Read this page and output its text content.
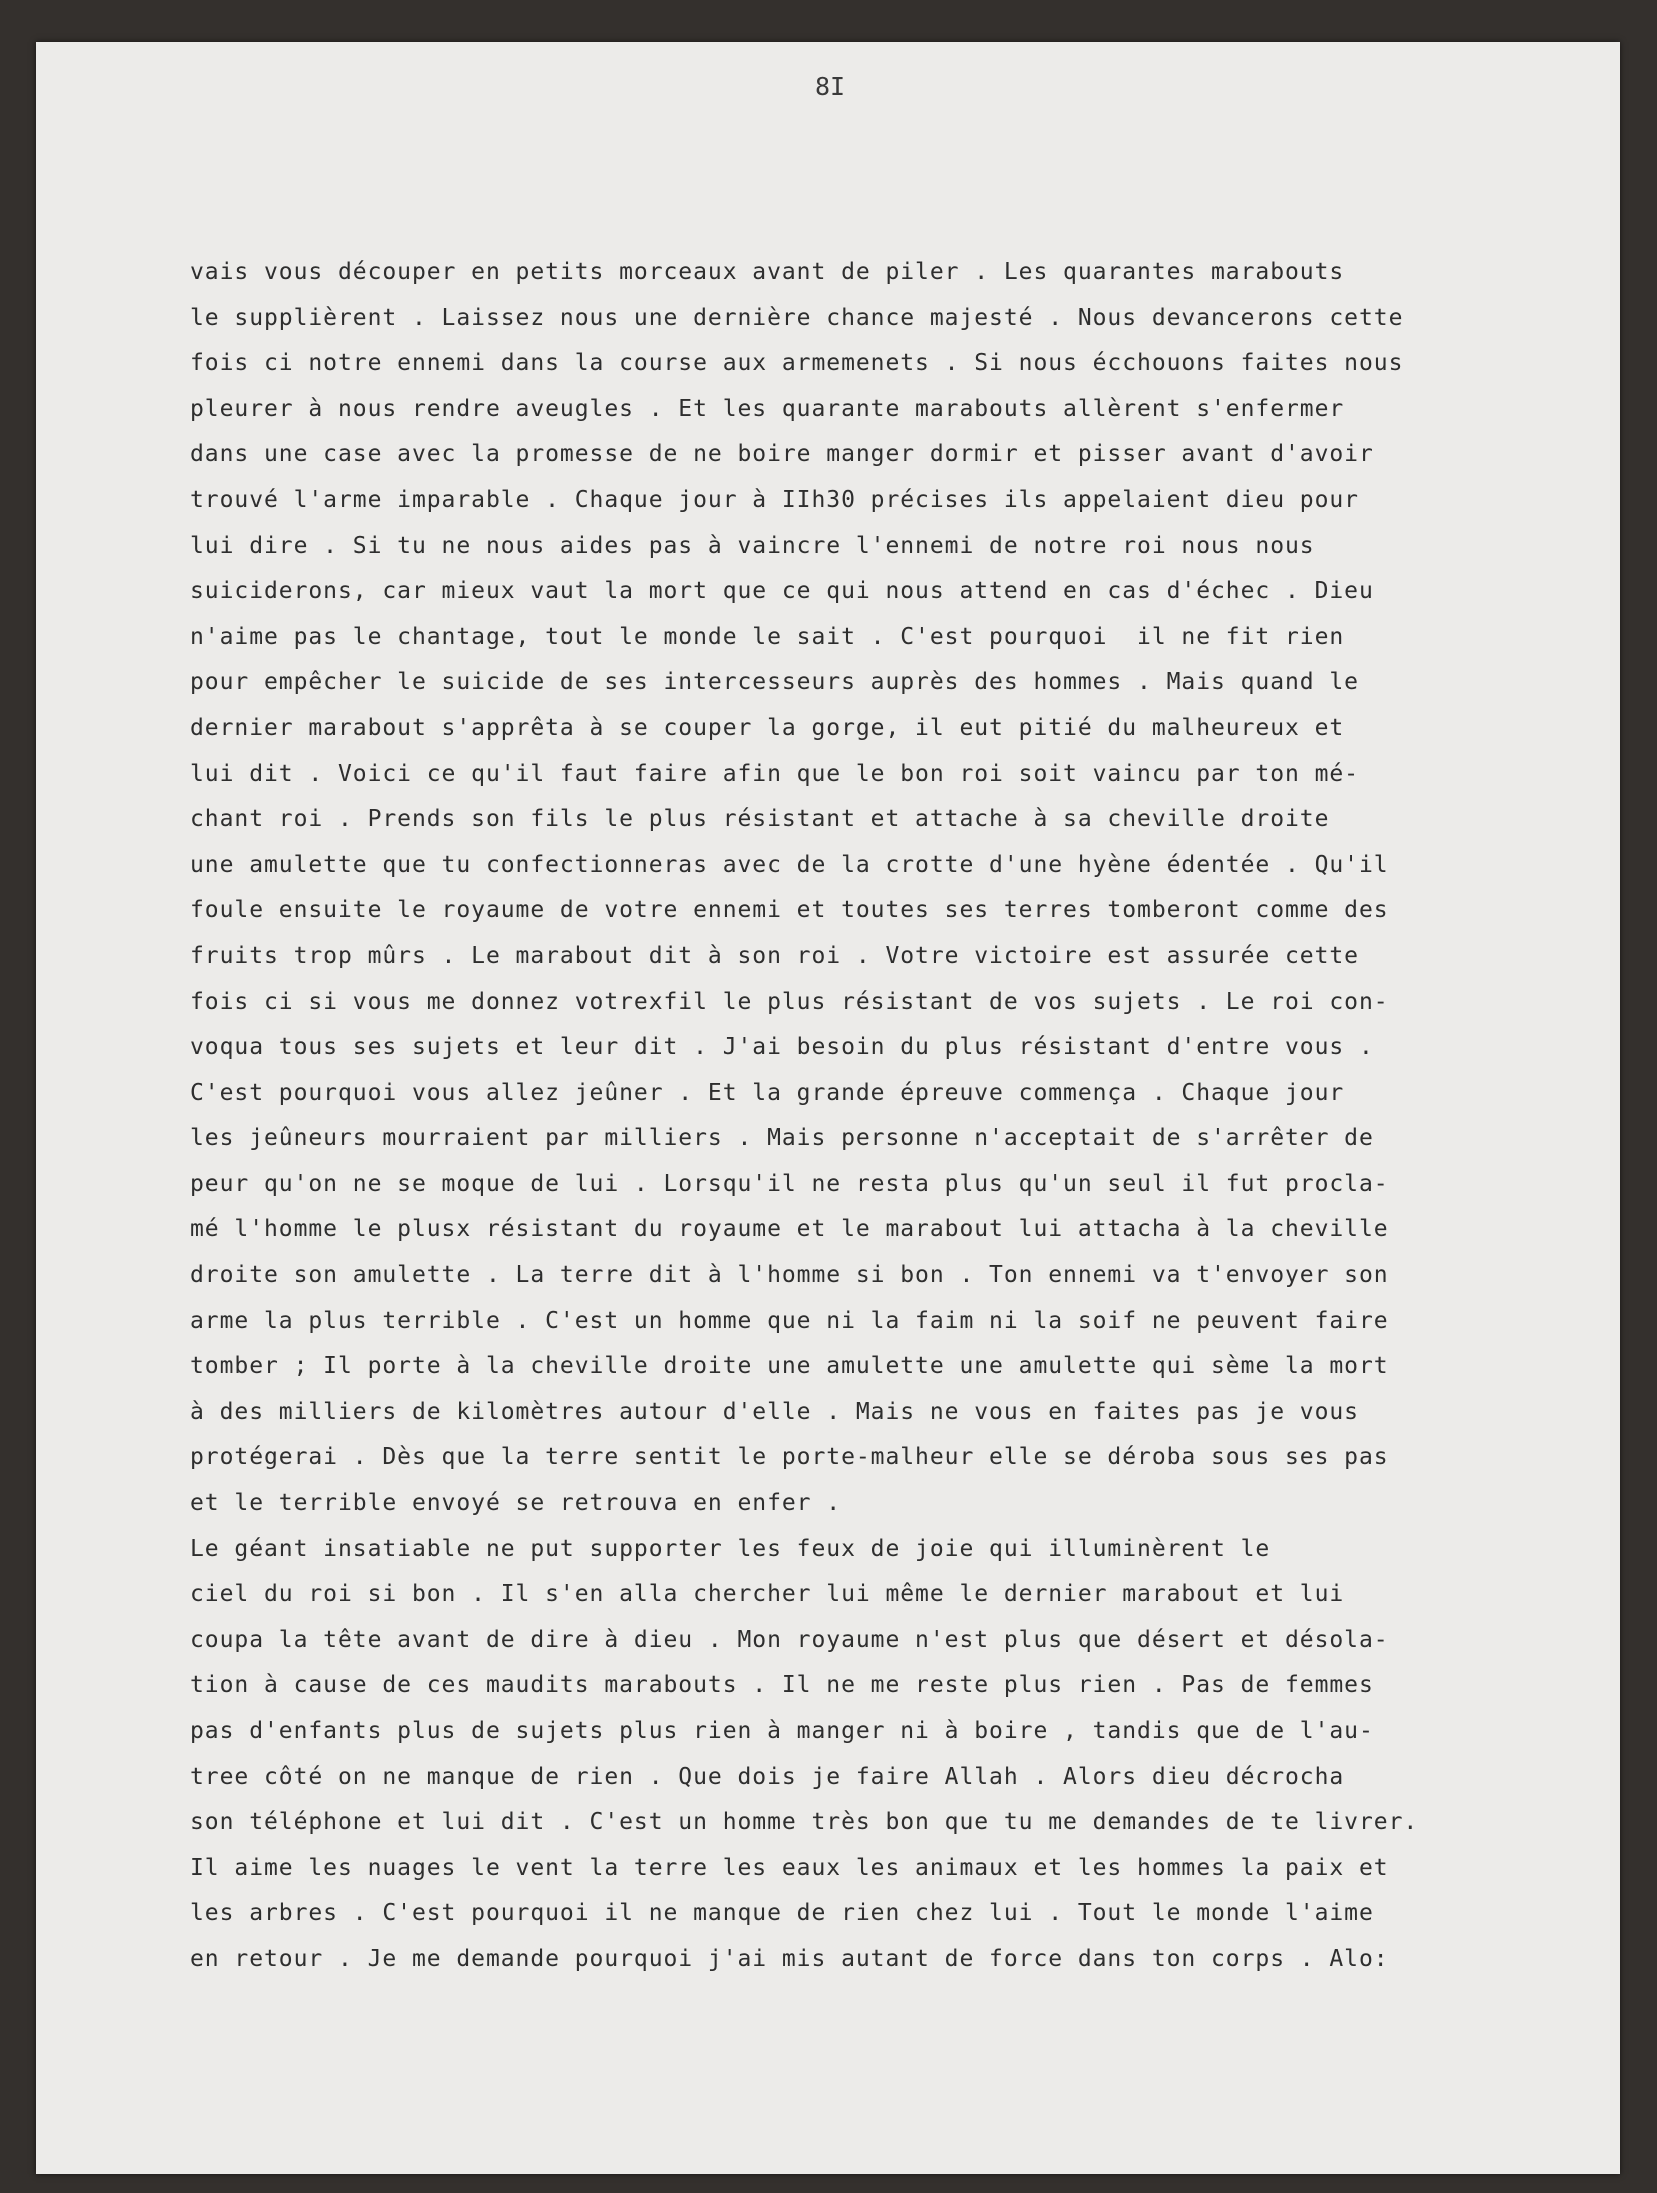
8I
vais vous découper en petits morceaux avant de piler . Les quarantes marabouts
le supplièrent . Laissez nous une dernière chance majesté . Nous devancerons cette
fois ci notre ennemi dans la course aux armemenets . Si nous écchouons faites nous
pleurer à nous rendre aveugles . Et les quarante marabouts allèrent s'enfermer
dans une case avec la promesse de ne boire manger dormir et pisser avant d'avoir
trouvé l'arme imparable . Chaque jour à IIh30 précises ils appelaient dieu pour
lui dire . Si tu ne nous aides pas à vaincre l'ennemi de notre roi nous nous
suiciderons, car mieux vaut la mort que ce qui nous attend en cas d'échec . Dieu
n'aime pas le chantage, tout le monde le sait . C'est pourquoi  il ne fit rien
pour empêcher le suicide de ses intercesseurs auprès des hommes . Mais quand le
dernier marabout s'apprêta à se couper la gorge, il eut pitié du malheureux et
lui dit . Voici ce qu'il faut faire afin que le bon roi soit vaincu par ton mé-
chant roi . Prends son fils le plus résistant et attache à sa cheville droite
une amulette que tu confectionneras avec de la crotte d'une hyène édentée . Qu'il
foule ensuite le royaume de votre ennemi et toutes ses terres tomberont comme des
fruits trop mûrs . Le marabout dit à son roi . Votre victoire est assurée cette
fois ci si vous me donnez votrexfil le plus résistant de vos sujets . Le roi con-
voqua tous ses sujets et leur dit . J'ai besoin du plus résistant d'entre vous .
C'est pourquoi vous allez jeûner . Et la grande épreuve commença . Chaque jour
les jeûneurs mourraient par milliers . Mais personne n'acceptait de s'arrêter de
peur qu'on ne se moque de lui . Lorsqu'il ne resta plus qu'un seul il fut procla-
mé l'homme le plusx résistant du royaume et le marabout lui attacha à la cheville
droite son amulette . La terre dit à l'homme si bon . Ton ennemi va t'envoyer son
arme la plus terrible . C'est un homme que ni la faim ni la soif ne peuvent faire
tomber ; Il porte à la cheville droite une amulette une amulette qui sème la mort
à des milliers de kilomètres autour d'elle . Mais ne vous en faites pas je vous
protégerai . Dès que la terre sentit le porte-malheur elle se déroba sous ses pas
et le terrible envoyé se retrouva en enfer .
Le géant insatiable ne put supporter les feux de joie qui illuminèrent le
ciel du roi si bon . Il s'en alla chercher lui même le dernier marabout et lui
coupa la tête avant de dire à dieu . Mon royaume n'est plus que désert et désola-
tion à cause de ces maudits marabouts . Il ne me reste plus rien . Pas de femmes
pas d'enfants plus de sujets plus rien à manger ni à boire , tandis que de l'au-
tree côté on ne manque de rien . Que dois je faire Allah . Alors dieu décrocha
son téléphone et lui dit . C'est un homme très bon que tu me demandes de te livrer.
Il aime les nuages le vent la terre les eaux les animaux et les hommes la paix et
les arbres . C'est pourquoi il ne manque de rien chez lui . Tout le monde l'aime
en retour . Je me demande pourquoi j'ai mis autant de force dans ton corps . Alo:
